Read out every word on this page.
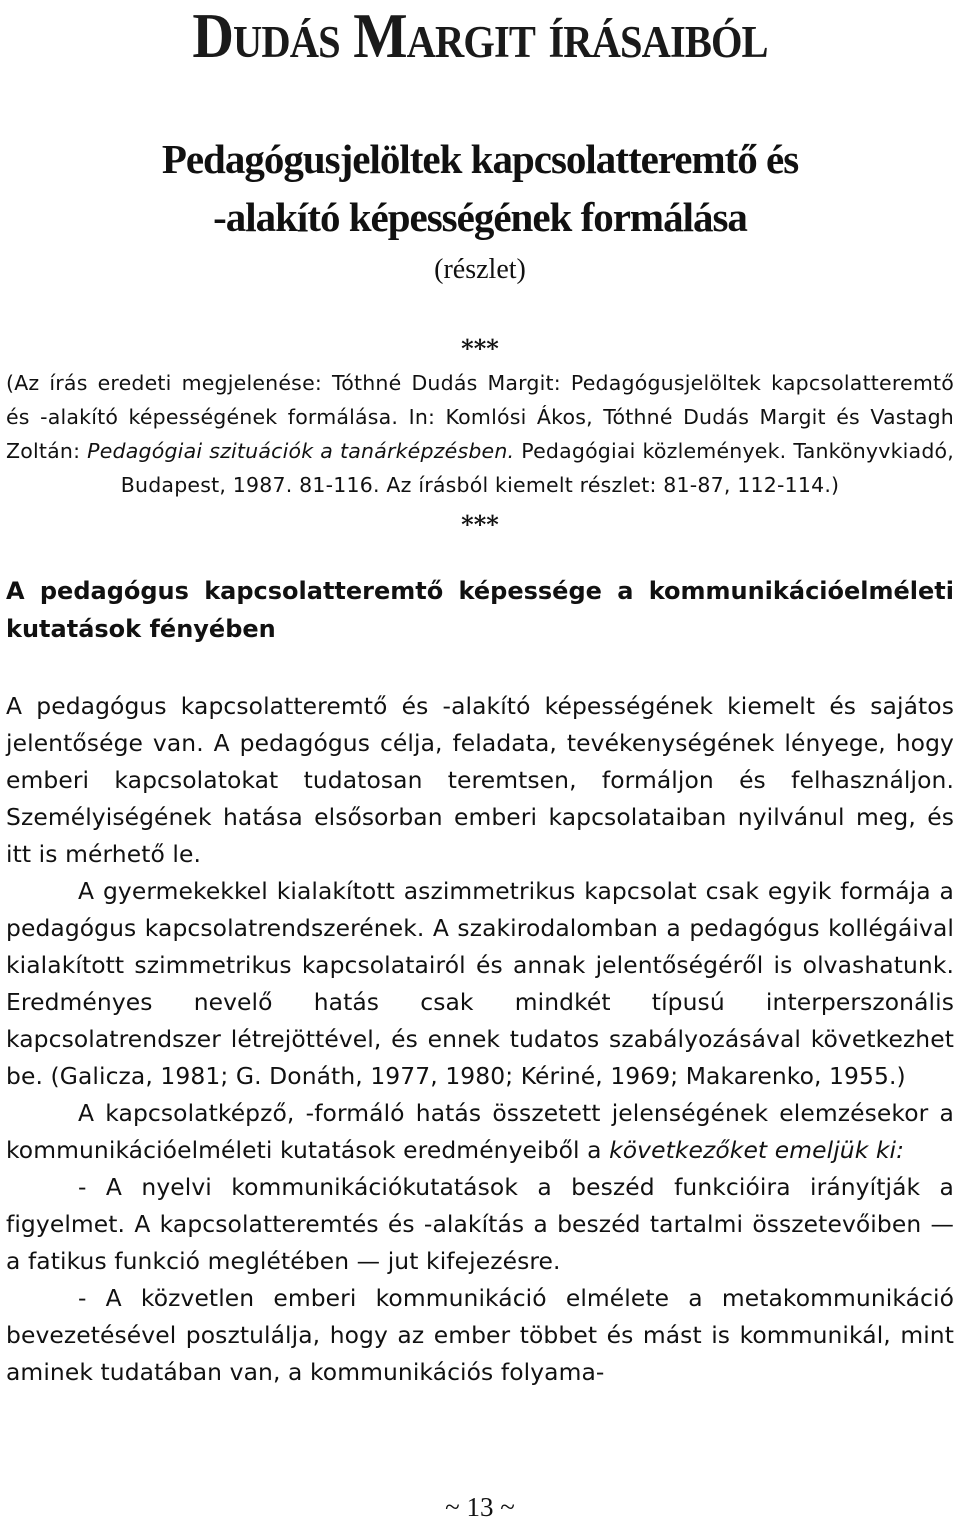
Dudás Margit írásaiból
Pedagógusjelöltek kapcsolatteremtő és
-alakító képességének formálása

(részlet)

***

(Az írás eredeti megjelenése: Tóthné Dudás Margit: Pedagógusjelöltek kapcsolatteremtő és -alakító képességének formálása. In: Komlósi Ákos, Tóthné Dudás Margit és Vastagh Zoltán: Pedagógiai szituációk a tanárképzésben. Pedagógiai közlemények. Tankönyvkiadó, Budapest, 1987. 81-116. Az írásból kiemelt részlet: 81-87, 112-114.)

***

A pedagógus kapcsolatteremtő képessége a kommunikációelméleti kutatások fényében

A pedagógus kapcsolatteremtő és -alakító képességének kiemelt és sajátos jelentősége van. A pedagógus célja, feladata, tevékenységének lényege, hogy emberi kapcsolatokat tudatosan teremtsen, formáljon és felhasználjon. Személyiségének hatása elsősorban emberi kapcsolataiban nyilvánul meg, és itt is mérhető le.

A gyermekekkel kialakított aszimmetrikus kapcsolat csak egyik formája a pedagógus kapcsolatrendszerének. A szakirodalomban a pedagógus kollégáival kialakított szimmetrikus kapcsolatairól és annak jelentőségéről is olvashatunk. Eredményes nevelő hatás csak mindkét típusú interperszonális kapcsolatrendszer létrejöttével, és ennek tudatos szabályozásával következhet be. (Galicza, 1981; G. Donáth, 1977, 1980; Kériné, 1969; Makarenko, 1955.)

A kapcsolatképző, -formáló hatás összetett jelenségének elemzésekor a kommunikációelméleti kutatások eredményeiből a következőket emeljük ki:

- A nyelvi kommunikációkutatások a beszéd funkcióira irányítják a figyelmet. A kapcsolatteremtés és -alakítás a beszéd tartalmi összetevőiben — a fatikus funkció meglétében — jut kifejezésre.

- A közvetlen emberi kommunikáció elmélete a metakommunikáció bevezetésével posztulálja, hogy az ember többet és mást is kommunikál, mint aminek tudatában van, a kommunikációs folyama-

~ 13 ~
